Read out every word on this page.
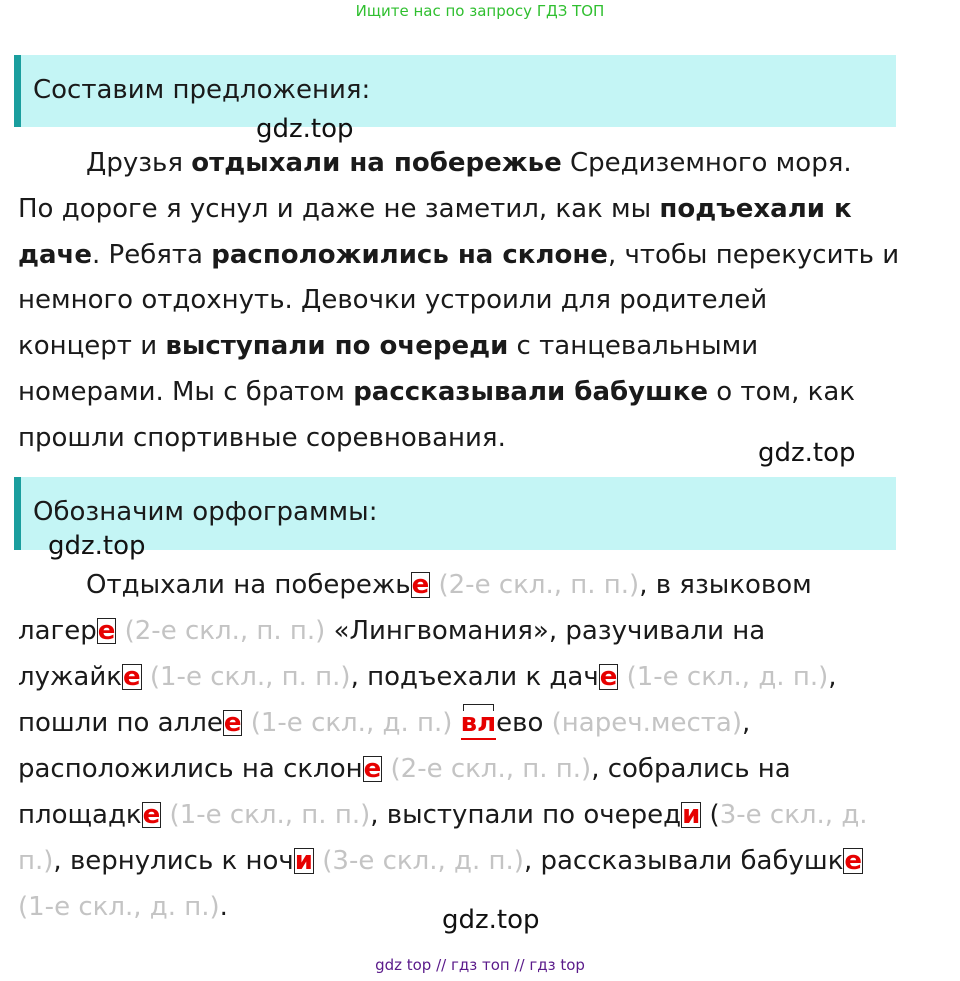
Ищите нас по запросу ГДЗ ТОП
Составим предложения:
gdz.top
Друзья отдыхали на побережье Средиземного моря.
По дороге я уснул и даже не заметил, как мы подъехали к
даче. Ребята расположились на склоне, чтобы перекусить и
немного отдохнуть. Девочки устроили для родителей
концерт и выступали по очереди с танцевальными
номерами. Мы с братом рассказывали бабушке о том, как
прошли спортивные соревнования.	gdz.top
Обозначим орфограммы:
gdz.top
Отдыхали на побережье (2-е скл., п. п.), в языковом
лагере (2-е скл., п. п.) «Лингвомания», разучивали на
лужайке (1-е скл., п. п.), подъехали к даче (1-е скл., д. п.),
пошли по аллее (1-е скл., д. п.) влево (нареч.места),
расположились на склоне (2-е скл., п. п.), собрались на
площадке (1-е скл., п. п.), выступали по очереди (3-е скл., д.
п.), вернулись к ночи (3-е скл., д. п.), рассказывали бабушке
(1-е скл., д. п.).	gdz.top
gdz top // гдз топ // гдз top
